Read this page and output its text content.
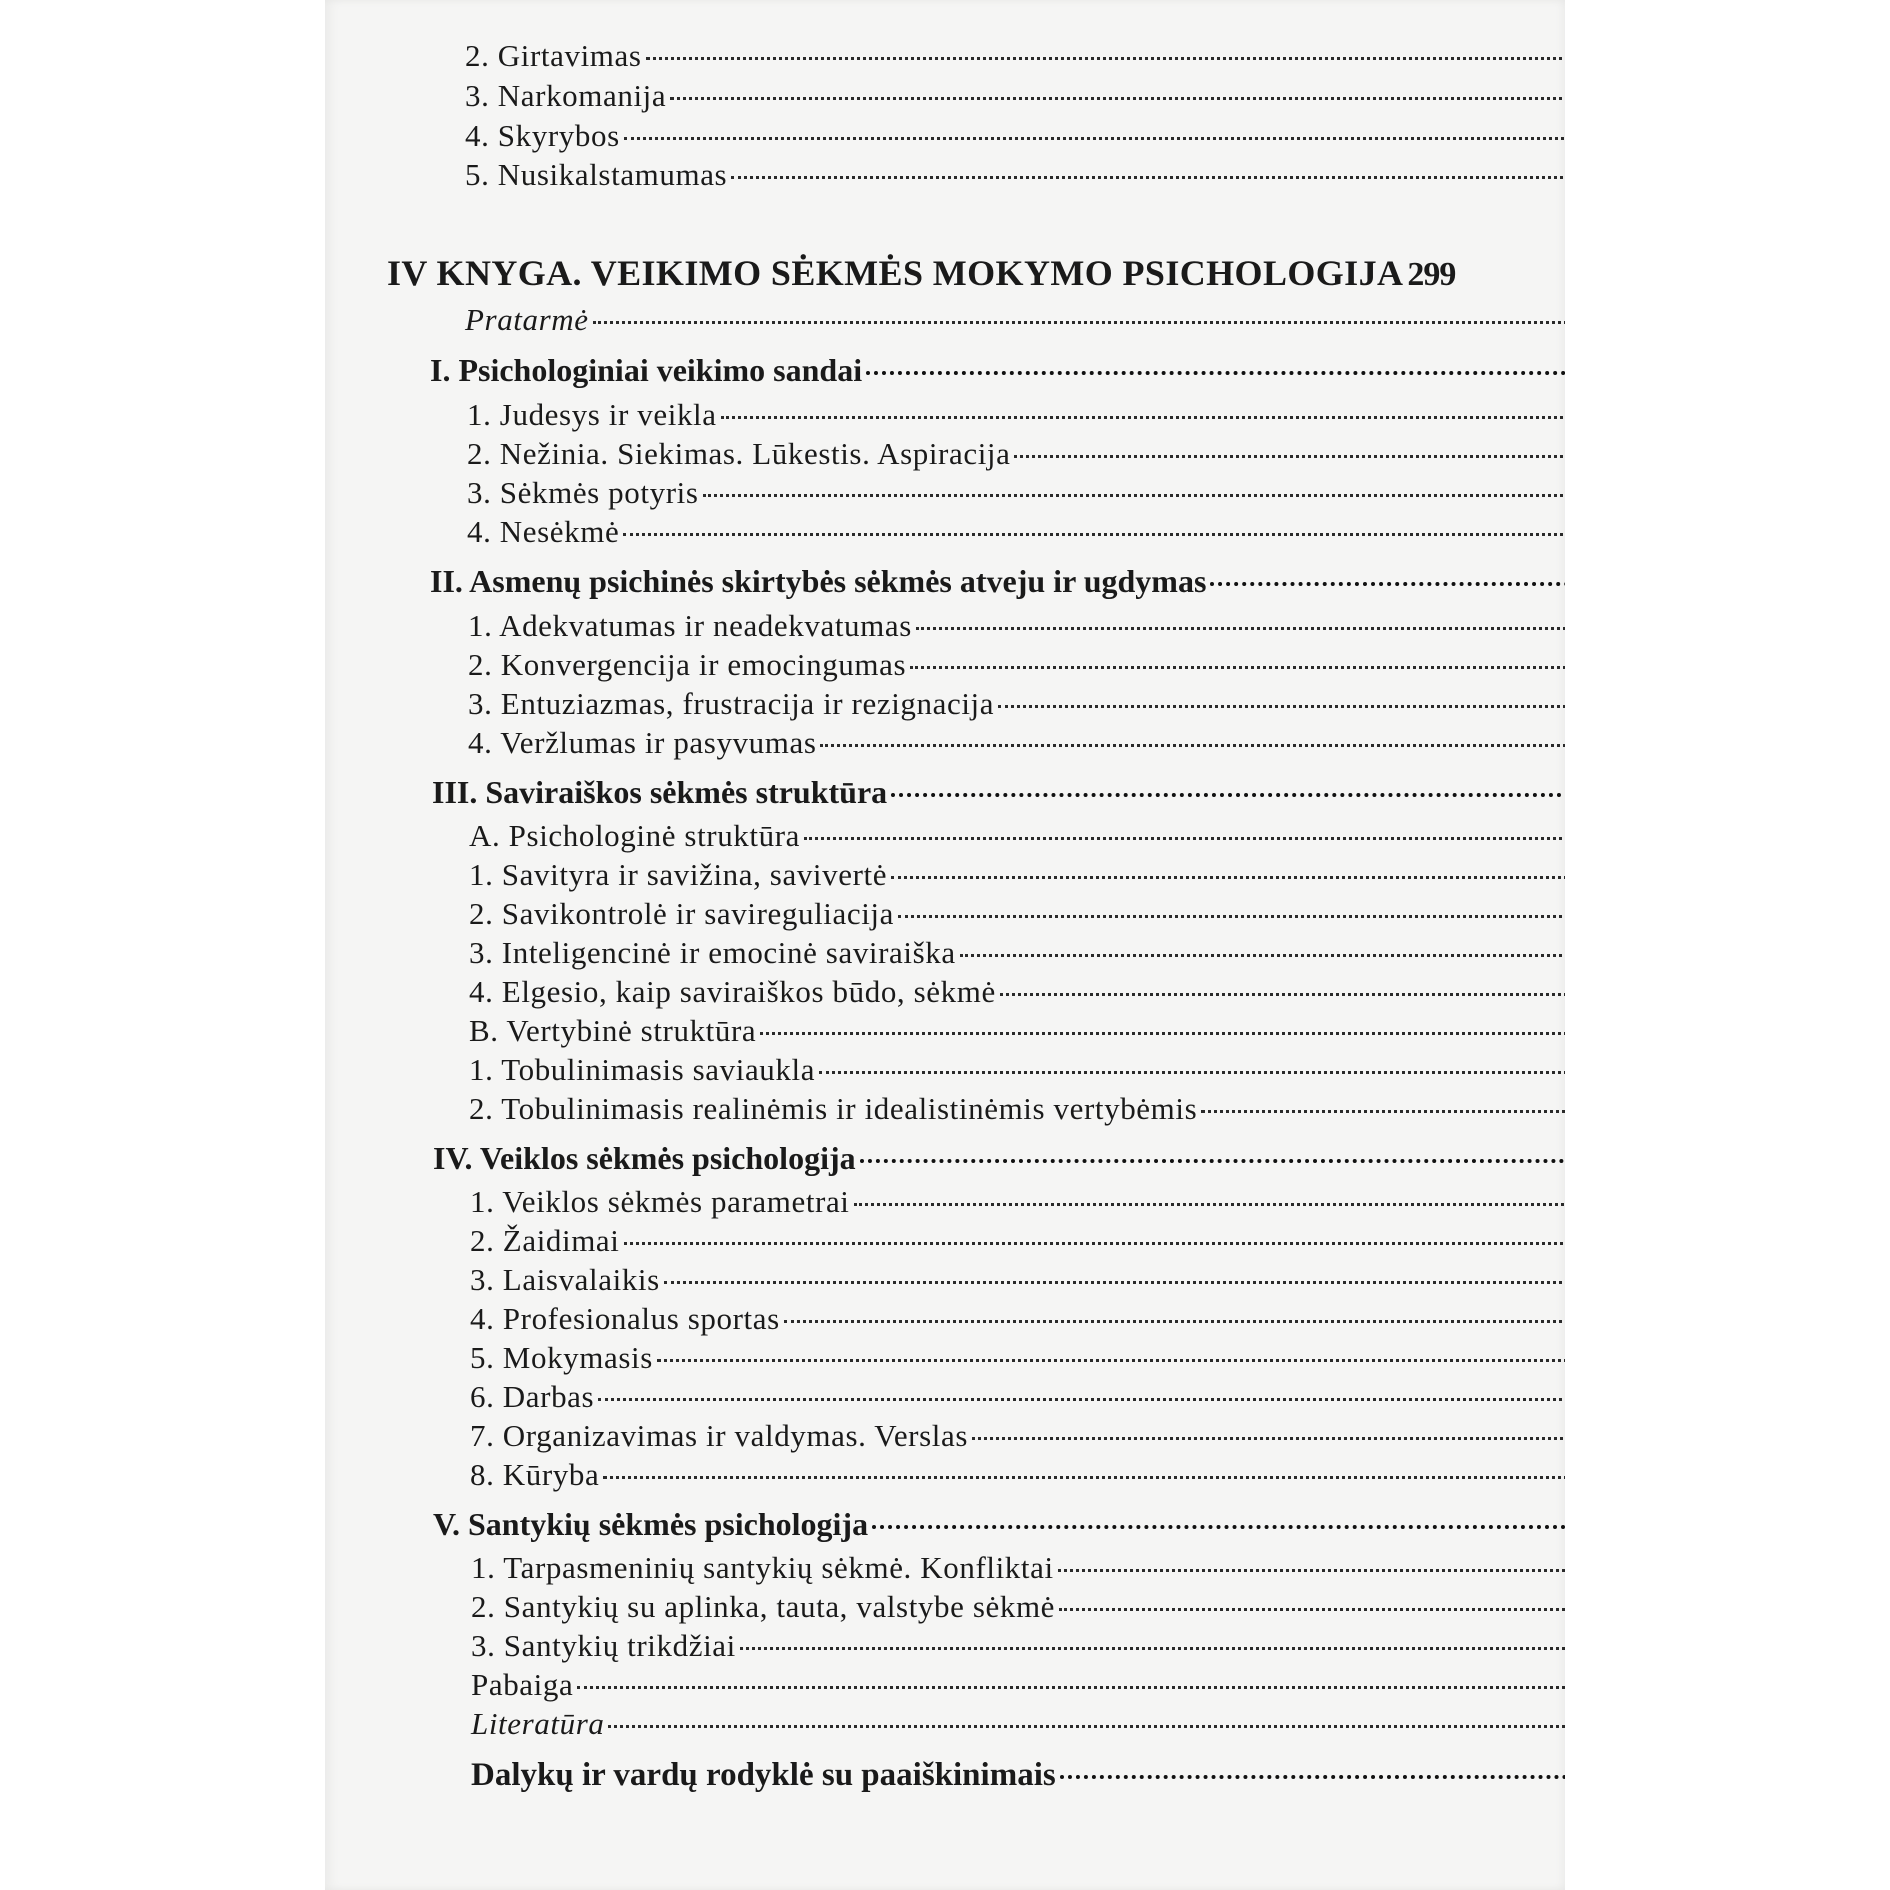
2. Girtavimas
3. Narkomanija
4. Skyrybos
5. Nusikalstamumas
IV KNYGA. VEIKIMO SĖKMĖS MOKYMO PSICHOLOGIJA 299
Pratarmė
I. Psichologiniai veikimo sandai
1. Judesys ir veikla
2. Nežinia. Siekimas. Lūkestis. Aspiracija
3. Sėkmės potyris
4. Nesėkmė
II. Asmenų psichinės skirtybės sėkmės atveju ir ugdymas
1. Adekvatumas ir neadekvatumas
2. Konvergencija ir emocingumas
3. Entuziazmas, frustracija ir rezignacija
4. Veržlumas ir pasyvumas
III. Saviraiškos sėkmės struktūra
A. Psichologinė struktūra
1. Savityra ir savižina, savivertė
2. Savikontrolė ir savireguliacija
3. Inteligencinė ir emocinė saviraiška
4. Elgesio, kaip saviraiškos būdo, sėkmė
B. Vertybinė struktūra
1. Tobulinimasis saviaukla
2. Tobulinimasis realinėmis ir idealistinėmis vertybėmis
IV. Veiklos sėkmės psichologija
1. Veiklos sėkmės parametrai
2. Žaidimai
3. Laisvalaikis
4. Profesionalus sportas
5. Mokymasis
6. Darbas
7. Organizavimas ir valdymas. Verslas
8. Kūryba
V. Santykių sėkmės psichologija
1. Tarpasmeninių santykių sėkmė. Konfliktai
2. Santykių su aplinka, tauta, valstybe sėkmė
3. Santykių trikdžiai
Pabaiga
Literatūra
Dalykų ir vardų rodyklė su paaiškinimais
